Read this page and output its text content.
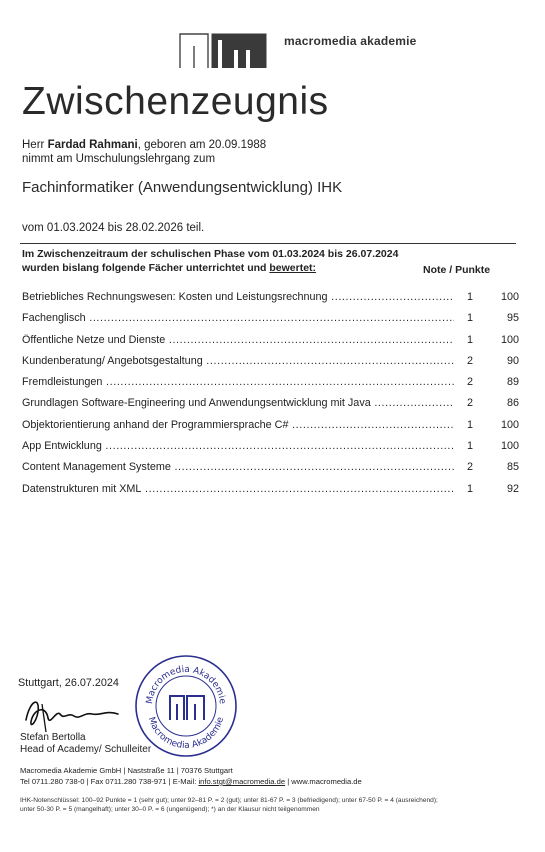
macromedia akademie
Zwischenzeugnis
Herr Fardad Rahmani, geboren am 20.09.1988
nimmt am Umschulungslehrgang zum
Fachinformatiker (Anwendungsentwicklung) IHK
vom 01.03.2024 bis 28.02.2026 teil.
Im Zwischenzeitraum der schulischen Phase vom 01.03.2024 bis 26.07.2024
wurden bislang folgende Fächer unterrichtet und bewertet:	Note / Punkte
Betriebliches Rechnungswesen: Kosten und Leistungsrechnung .....	1	100
Fachenglisch .....	1	95
Öffentliche Netze und Dienste .....	1	100
Kundenberatung/ Angebotsgestaltung .....	2	90
Fremdleistungen .....	2	89
Grundlagen Software-Engineering und Anwendungsentwicklung mit Java .....	2	86
Objektorientierung anhand der Programmiersprache C# .....	1	100
App Entwicklung .....	1	100
Content Management Systeme .....	2	85
Datenstrukturen mit XML .....	1	92
Stuttgart, 26.07.2024
Stefan Bertolla
Head of Academy/ Schulleiter
Macromedia Akademie
Macromedia Akademie
Macromedia Akademie GmbH | Naststraße 11 | 70376 Stuttgart
Tel 0711.280 738-0 | Fax 0711.280 738-971 | E-Mail: info.stgt@macromedia.de | www.macromedia.de
IHK-Notenschlüssel: 100–92 Punkte = 1 (sehr gut); unter 92–81 P. = 2 (gut); unter 81-67 P. = 3 (befriedigend); unter 67-50 P. = 4 (ausreichend);
unter 50-30 P. = 5 (mangelhaft); unter 30–0 P. = 6 (ungenügend); *) an der Klausur nicht teilgenommen
